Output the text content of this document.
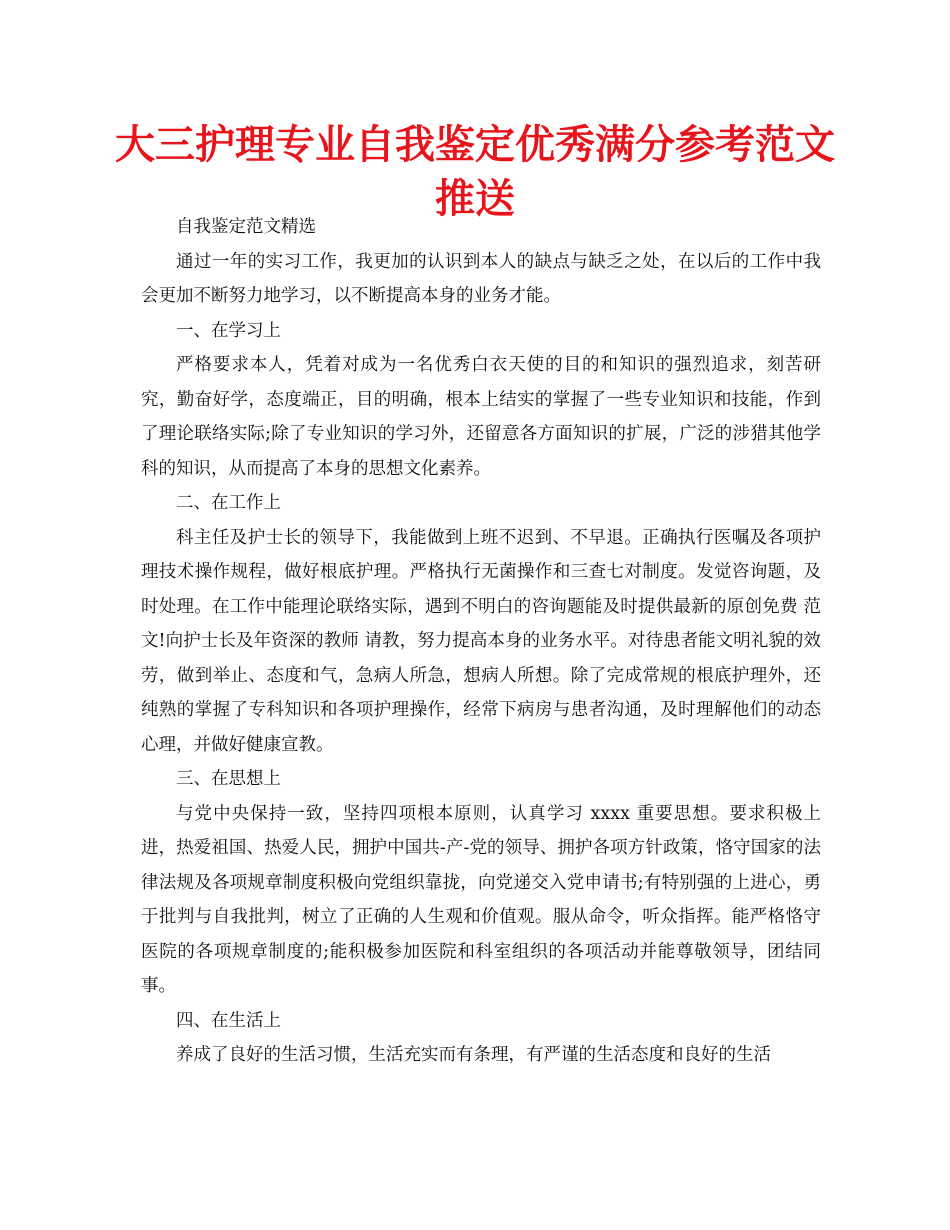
大三护理专业自我鉴定优秀满分参考范文推送

自我鉴定范文精选

通过一年的实习工作，我更加的认识到本人的缺点与缺乏之处，在以后的工作中我会更加不断努力地学习，以不断提高本身的业务才能。

一、在学习上

严格要求本人，凭着对成为一名优秀白衣天使的目的和知识的强烈追求，刻苦研究，勤奋好学，态度端正，目的明确，根本上结实的掌握了一些专业知识和技能，作到了理论联络实际;除了专业知识的学习外，还留意各方面知识的扩展，广泛的涉猎其他学科的知识，从而提高了本身的思想文化素养。

二、在工作上

科主任及护士长的领导下，我能做到上班不迟到、不早退。正确执行医嘱及各项护理技术操作规程，做好根底护理。严格执行无菌操作和三查七对制度。发觉咨询题，及时处理。在工作中能理论联络实际，遇到不明白的咨询题能及时提供最新的原创免费 范文!向护士长及年资深的教师 请教，努力提高本身的业务水平。对待患者能文明礼貌的效劳，做到举止、态度和气，急病人所急，想病人所想。除了完成常规的根底护理外，还纯熟的掌握了专科知识和各项护理操作，经常下病房与患者沟通，及时理解他们的动态心理，并做好健康宣教。

三、在思想上

与党中央保持一致，坚持四项根本原则，认真学习 xxxx 重要思想。要求积极上进，热爱祖国、热爱人民，拥护中国共-产-党的领导、拥护各项方针政策，恪守国家的法律法规及各项规章制度积极向党组织靠拢，向党递交入党申请书;有特别强的上进心，勇于批判与自我批判，树立了正确的人生观和价值观。服从命令，听众指挥。能严格恪守医院的各项规章制度的;能积极参加医院和科室组织的各项活动并能尊敬领导，团结同事。

四、在生活上

养成了良好的生活习惯，生活充实而有条理，有严谨的生活态度和良好的生活
